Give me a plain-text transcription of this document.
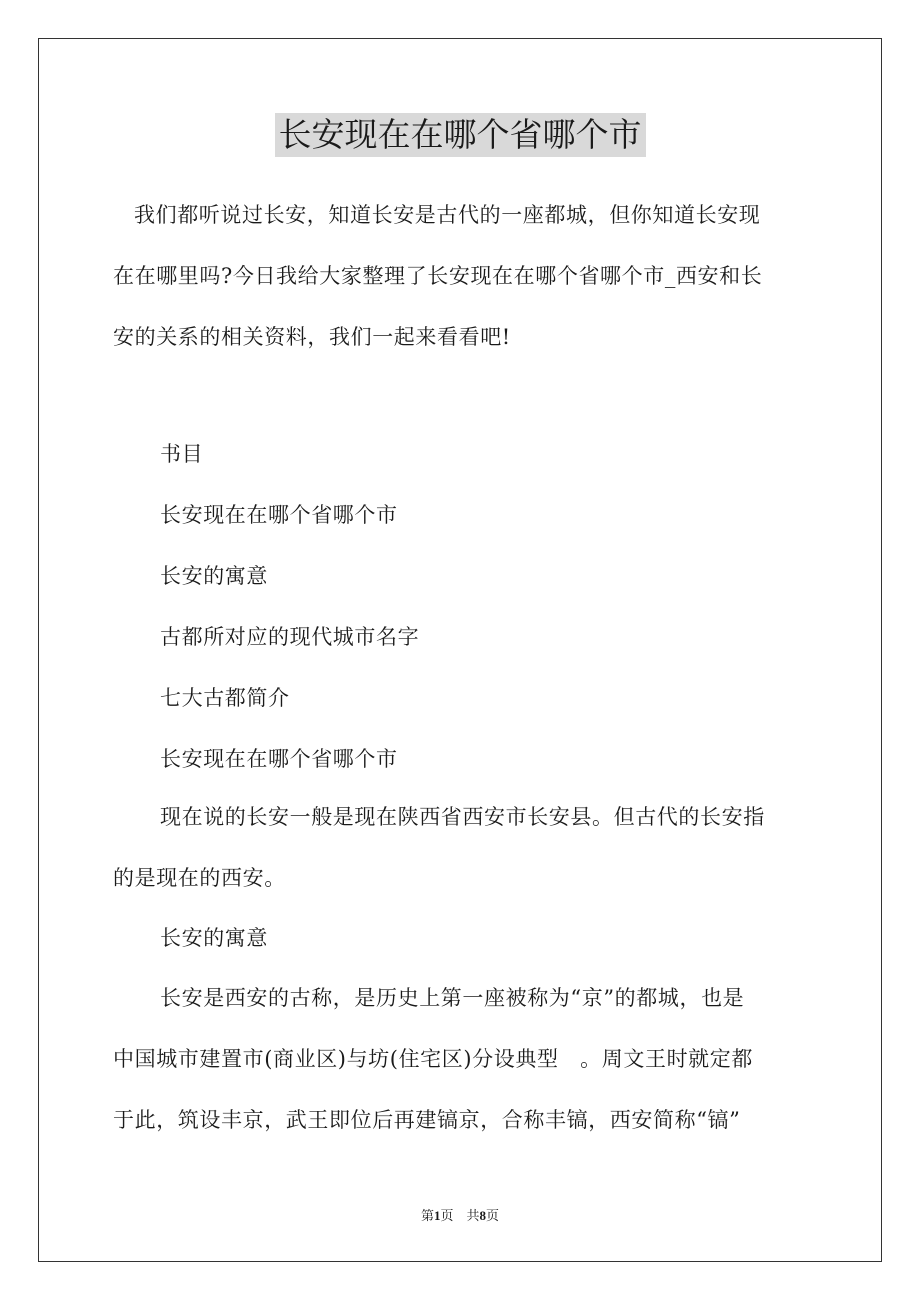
长安现在在哪个省哪个市
我们都听说过长安，知道长安是古代的一座都城，但你知道长安现
在在哪里吗?今日我给大家整理了长安现在在哪个省哪个市_西安和长
安的关系的相关资料，我们一起来看看吧!
书目
长安现在在哪个省哪个市
长安的寓意
古都所对应的现代城市名字
七大古都简介
长安现在在哪个省哪个市
现在说的长安一般是现在陕西省西安市长安县。但古代的长安指
的是现在的西安。
长安的寓意
长安是西安的古称，是历史上第一座被称为“京”的都城，也是
中国城市建置市(商业区)与坊(住宅区)分设典型　。周文王时就定都
于此，筑设丰京，武王即位后再建镐京，合称丰镐，西安简称“镐”
第1页 共8页
